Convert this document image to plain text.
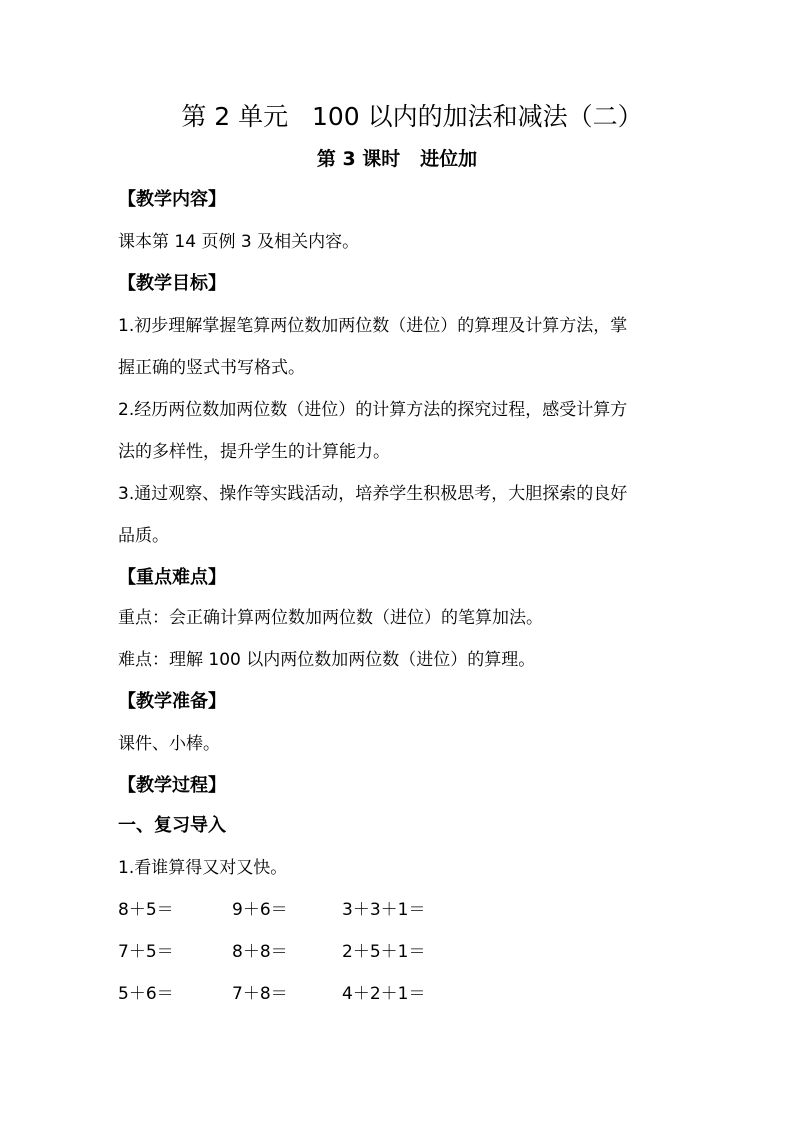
第 2 单元   100 以内的加法和减法（二）
第 3 课时   进位加

【教学内容】

课本第 14 页例 3 及相关内容。

【教学目标】

1.初步理解掌握笔算两位数加两位数（进位）的算理及计算方法，掌

握正确的竖式书写格式。

2.经历两位数加两位数（进位）的计算方法的探究过程，感受计算方

法的多样性，提升学生的计算能力。

3.通过观察、操作等实践活动，培养学生积极思考，大胆探索的良好

品质。

【重点难点】

重点：会正确计算两位数加两位数（进位）的笔算加法。

难点：理解 100 以内两位数加两位数（进位）的算理。

【教学准备】

课件、小棒。

【教学过程】

一、复习导入

1.看谁算得又对又快。

8＋5＝	9＋6＝	3＋3＋1＝
7＋5＝	8＋8＝	2＋5＋1＝
5＋6＝	7＋8＝	4＋2＋1＝
